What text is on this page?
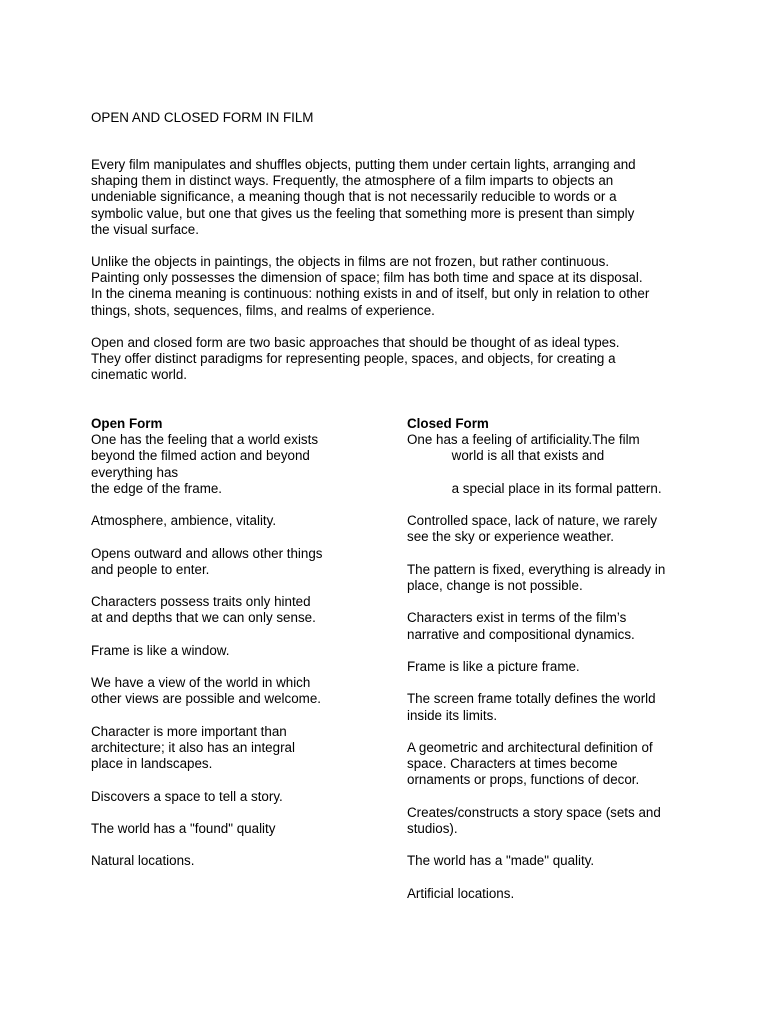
OPEN AND CLOSED FORM IN FILM

Every film manipulates and shuffles objects, putting them under certain lights, arranging and
shaping them in distinct ways. Frequently, the atmosphere of a film imparts to objects an
undeniable significance, a meaning though that is not necessarily reducible to words or a
symbolic value, but one that gives us the feeling that something more is present than simply
the visual surface.

Unlike the objects in paintings, the objects in films are not frozen, but rather continuous.
Painting only possesses the dimension of space; film has both time and space at its disposal.
In the cinema meaning is continuous: nothing exists in and of itself, but only in relation to other
things, shots, sequences, films, and realms of experience.

Open and closed form are two basic approaches that should be thought of as ideal types.
They offer distinct paradigms for representing people, spaces, and objects, for creating a
cinematic world.

Open Form

One has the feeling that a world exists
beyond the filmed action and beyond
everything has
the edge of the frame.

Atmosphere, ambience, vitality.

Opens outward and allows other things
and people to enter.

Characters possess traits only hinted
at and depths that we can only sense.

Frame is like a window.

We have a view of the world in which
other views are possible and welcome.

Character is more important than
architecture; it also has an integral
place in landscapes.

Discovers a space to tell a story.

The world has a "found" quality

Natural locations.

Closed Form

One has a feeling of artificiality.The film
world is all that exists and

a special place in its formal pattern.

Controlled space, lack of nature, we rarely
see the sky or experience weather.

The pattern is fixed, everything is already in
place, change is not possible.

Characters exist in terms of the film’s
narrative and compositional dynamics.

Frame is like a picture frame.

The screen frame totally defines the world
inside its limits.

A geometric and architectural definition of
space. Characters at times become
ornaments or props, functions of decor.

Creates/constructs a story space (sets and
studios).

The world has a "made" quality.

Artificial locations.
